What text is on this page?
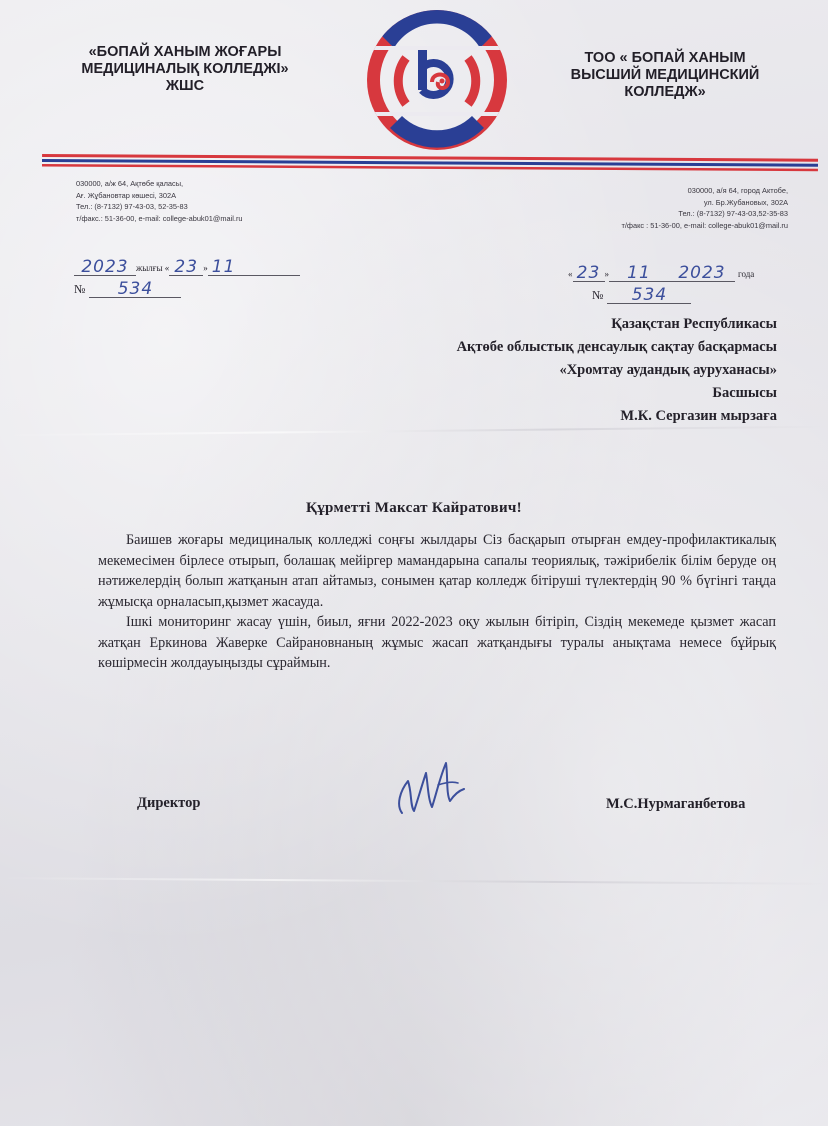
«БОПАЙ ХАНЫМ ЖОҒАРЫ
МЕДИЦИНАЛЫҚ КОЛЛЕДЖІ»
ЖШС
ТОО « БОПАЙ ХАНЫМ
ВЫСШИЙ МЕДИЦИНСКИЙ
КОЛЛЕДЖ»
030000, а/ж 64, Ақтөбе қаласы,
Ағ. Жұбановтар көшесі, 302А
Тел.: (8-7132) 97-43-03, 52-35-83
т/факс.: 51-36-00, e-mail: college-abuk01@mail.ru
030000, а/я 64, город Актобе,
ул. Бр.Жубановых, 302А
Тел.: (8-7132) 97-43-03,52-35-83
т/факс : 51-36-00, e-mail: college-abuk01@mail.ru
2023 жылғы « 23 » 11
№ 534
« 23 » 11 2023 года
№ 534
Қазақстан Республикасы
Ақтөбе облыстық денсаулық сақтау басқармасы
«Хромтау аудандық ауруханасы»
Басшысы
М.К. Сергазин мырзаға
Құрметті Максат Кайратович!

Баишев жоғары медициналық колледжі соңғы жылдары Сіз басқарып отырған емдеу-профилактикалық мекемесімен бірлесе отырып, болашақ мейіргер мамандарына сапалы теориялық, тәжірибелік білім беруде оң нәтижелердің болып жатқанын атап айтамыз, сонымен қатар колледж бітіруші түлектердің 90 % бүгінгі таңда жұмысқа орналасып,қызмет жасауда.

Ішкі мониторинг жасау үшін, биыл, яғни 2022-2023 оқу жылын бітіріп, Сіздің мекемеде қызмет жасап жатқан Еркинова Жаверке Сайрановнаның жұмыс жасап жатқандығы туралы анықтама немесе бұйрық көшірмесін жолдауыңызды сұраймын.

Директор	М.С.Нурмаганбетова
